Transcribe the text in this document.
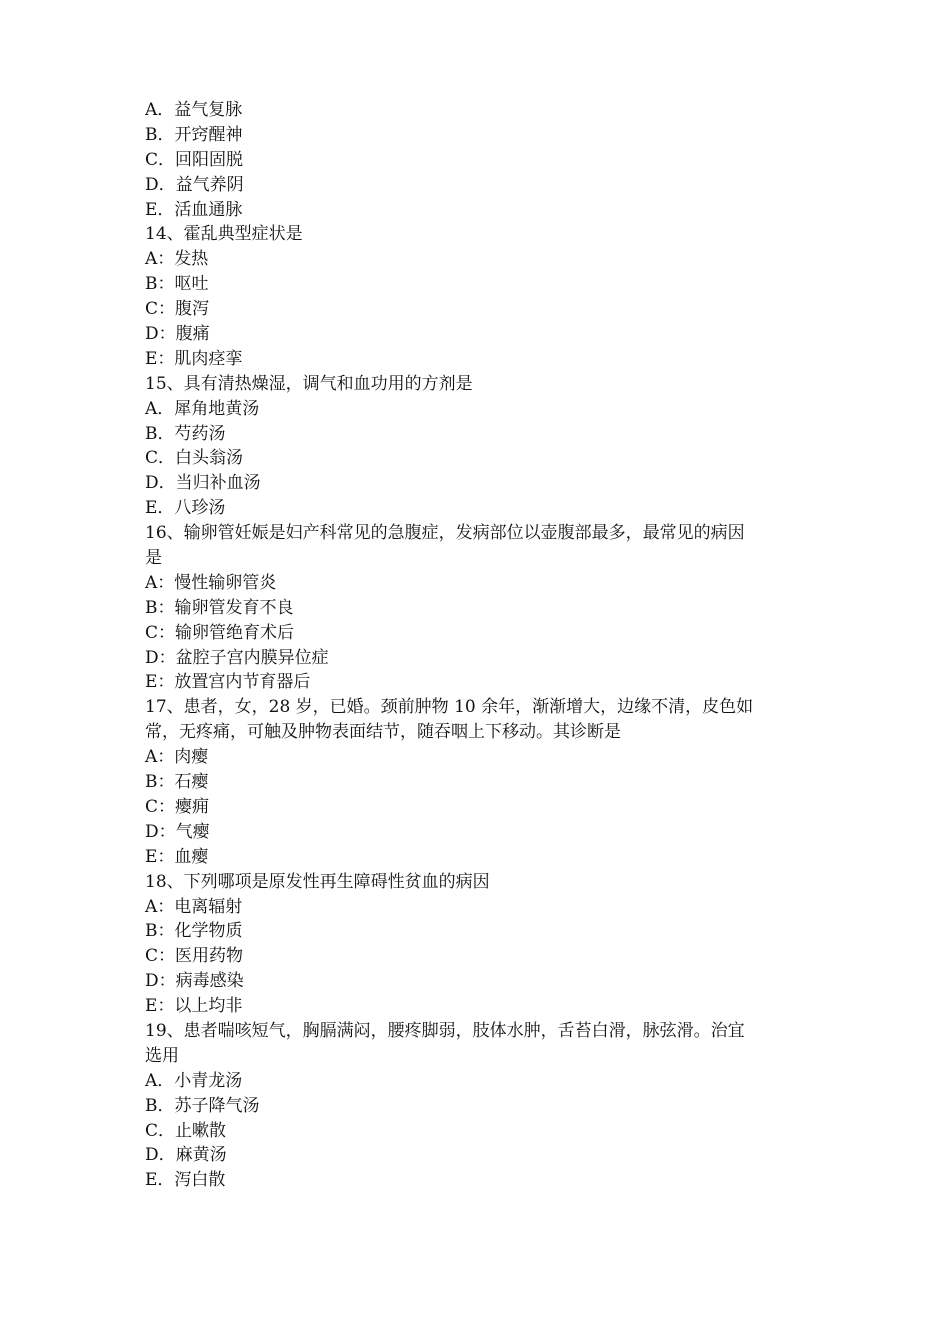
A．益气复脉
B．开窍醒神
C．回阳固脱
D．益气养阴
E．活血通脉
14、霍乱典型症状是
A：发热
B：呕吐
C：腹泻
D：腹痛
E：肌肉痉挛
15、具有清热燥湿，调气和血功用的方剂是
A．犀角地黄汤
B．芍药汤
C．白头翁汤
D．当归补血汤
E．八珍汤
16、输卵管妊娠是妇产科常见的急腹症，发病部位以壶腹部最多，最常见的病因
是
A：慢性输卵管炎
B：输卵管发育不良
C：输卵管绝育术后
D：盆腔子宫内膜异位症
E：放置宫内节育器后
17、患者，女，28 岁，已婚。颈前肿物 10 余年，渐渐增大，边缘不清，皮色如
常，无疼痛，可触及肿物表面结节，随吞咽上下移动。其诊断是
A：肉瘿
B：石瘿
C：瘿痈
D：气瘿
E：血瘿
18、下列哪项是原发性再生障碍性贫血的病因
A：电离辐射
B：化学物质
C：医用药物
D：病毒感染
E：以上均非
19、患者喘咳短气，胸膈满闷，腰疼脚弱，肢体水肿，舌苔白滑，脉弦滑。治宜
选用
A．小青龙汤
B．苏子降气汤
C．止嗽散
D．麻黄汤
E．泻白散
